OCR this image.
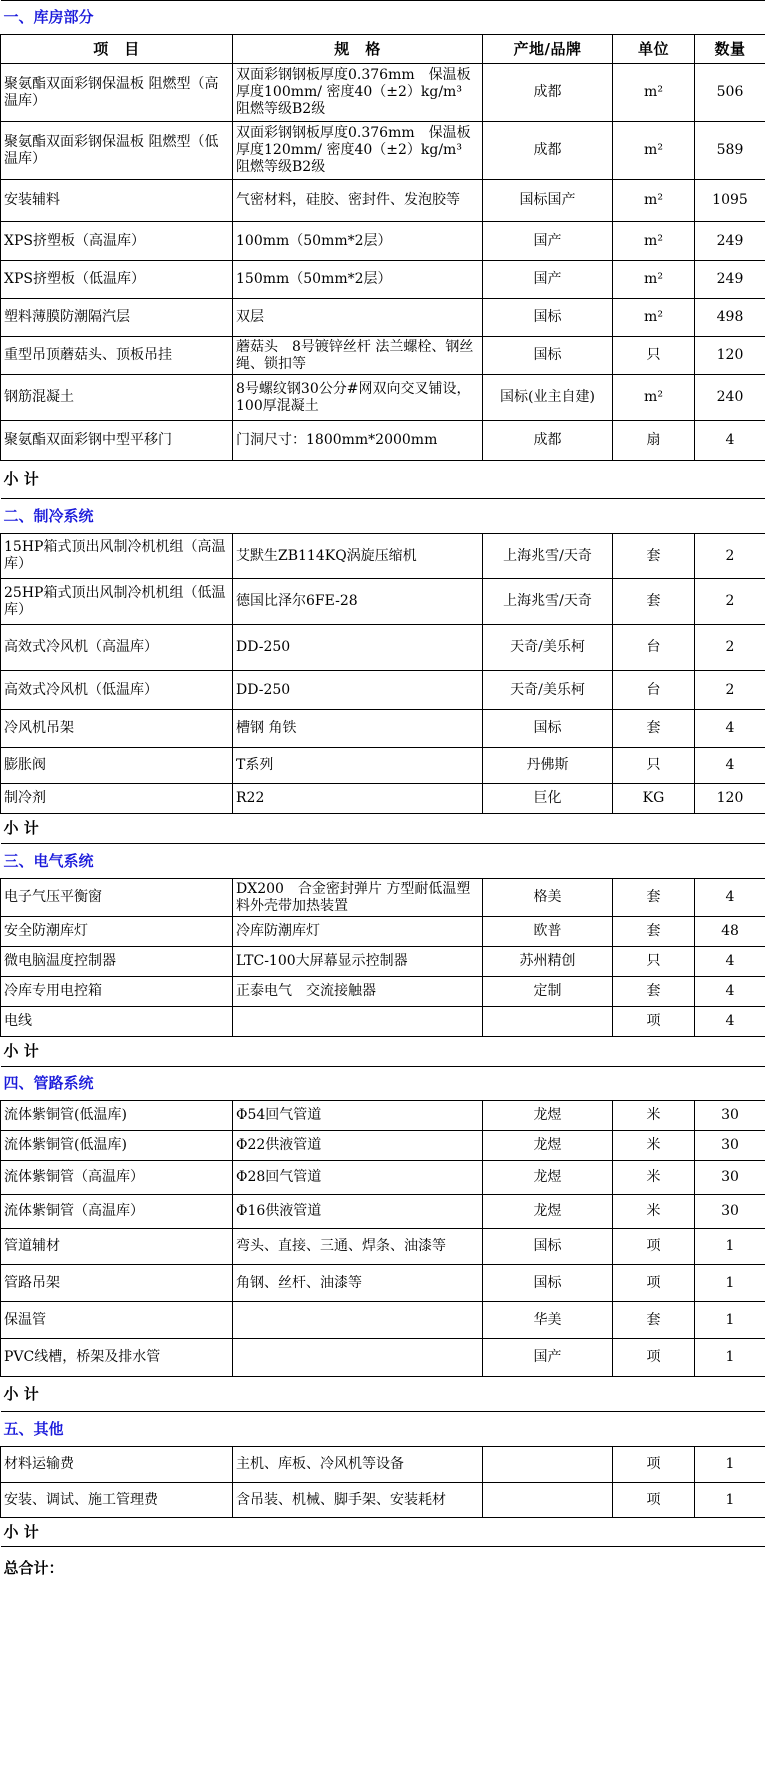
一、库房部分				
项　目	规　格	产地/品牌	单位	数量
聚氨酯双面彩钢保温板 阻燃型（高温库）	双面彩钢钢板厚度0.376mm　保温板厚度100mm/ 密度40（±2）kg/m³　阻燃等级B2级	成都	m²	506
聚氨酯双面彩钢保温板 阻燃型（低温库）	双面彩钢钢板厚度0.376mm　保温板厚度120mm/ 密度40（±2）kg/m³　阻燃等级B2级	成都	m²	589
安装辅料	气密材料，硅胶、密封件、发泡胶等	国标国产	m²	1095
XPS挤塑板（高温库）	100mm（50mm*2层）	国产	m²	249
XPS挤塑板（低温库）	150mm（50mm*2层）	国产	m²	249
塑料薄膜防潮隔汽层	双层	国标	m²	498
重型吊顶蘑菇头、顶板吊挂	蘑菇头　8号镀锌丝杆 法兰螺栓、钢丝绳、锁扣等	国标	只	120
钢筋混凝土	8号螺纹钢30公分#网双向交叉铺设，100厚混凝土	国标(业主自建)	m²	240
聚氨酯双面彩钢中型平移门	门洞尺寸：1800mm*2000mm	成都	扇	4
小 计				
二、制冷系统				
15HP箱式顶出风制冷机机组（高温库）	艾默生ZB114KQ涡旋压缩机	上海兆雪/天奇	套	2
25HP箱式顶出风制冷机机组（低温库）	德国比泽尔6FE-28	上海兆雪/天奇	套	2
高效式冷风机（高温库）	DD-250	天奇/美乐柯	台	2
高效式冷风机（低温库）	DD-250	天奇/美乐柯	台	2
冷风机吊架	槽钢 角铁	国标	套	4
膨胀阀	T系列	丹佛斯	只	4
制冷剂	R22	巨化	KG	120
小 计				
三、电气系统				
电子气压平衡窗	DX200　合金密封弹片 方型耐低温塑料外壳带加热装置	格美	套	4
安全防潮库灯	冷库防潮库灯	欧普	套	48
微电脑温度控制器	LTC-100大屏幕显示控制器	苏州精创	只	4
冷库专用电控箱	正泰电气　交流接触器	定制	套	4
电线			项	4
小 计				
四、管路系统				
流体紫铜管(低温库)	Φ54回气管道	龙煜	米	30
流体紫铜管(低温库)	Φ22供液管道	龙煜	米	30
流体紫铜管（高温库）	Φ28回气管道	龙煜	米	30
流体紫铜管（高温库）	Φ16供液管道	龙煜	米	30
管道辅材	弯头、直接、三通、焊条、油漆等	国标	项	1
管路吊架	角钢、丝杆、油漆等	国标	项	1
保温管		华美	套	1
PVC线槽，桥架及排水管		国产	项	1
小 计				
五、其他				
材料运输费	主机、库板、冷风机等设备		项	1
安装、调试、施工管理费	含吊装、机械、脚手架、安装耗材		项	1
小 计				
总合计：				
